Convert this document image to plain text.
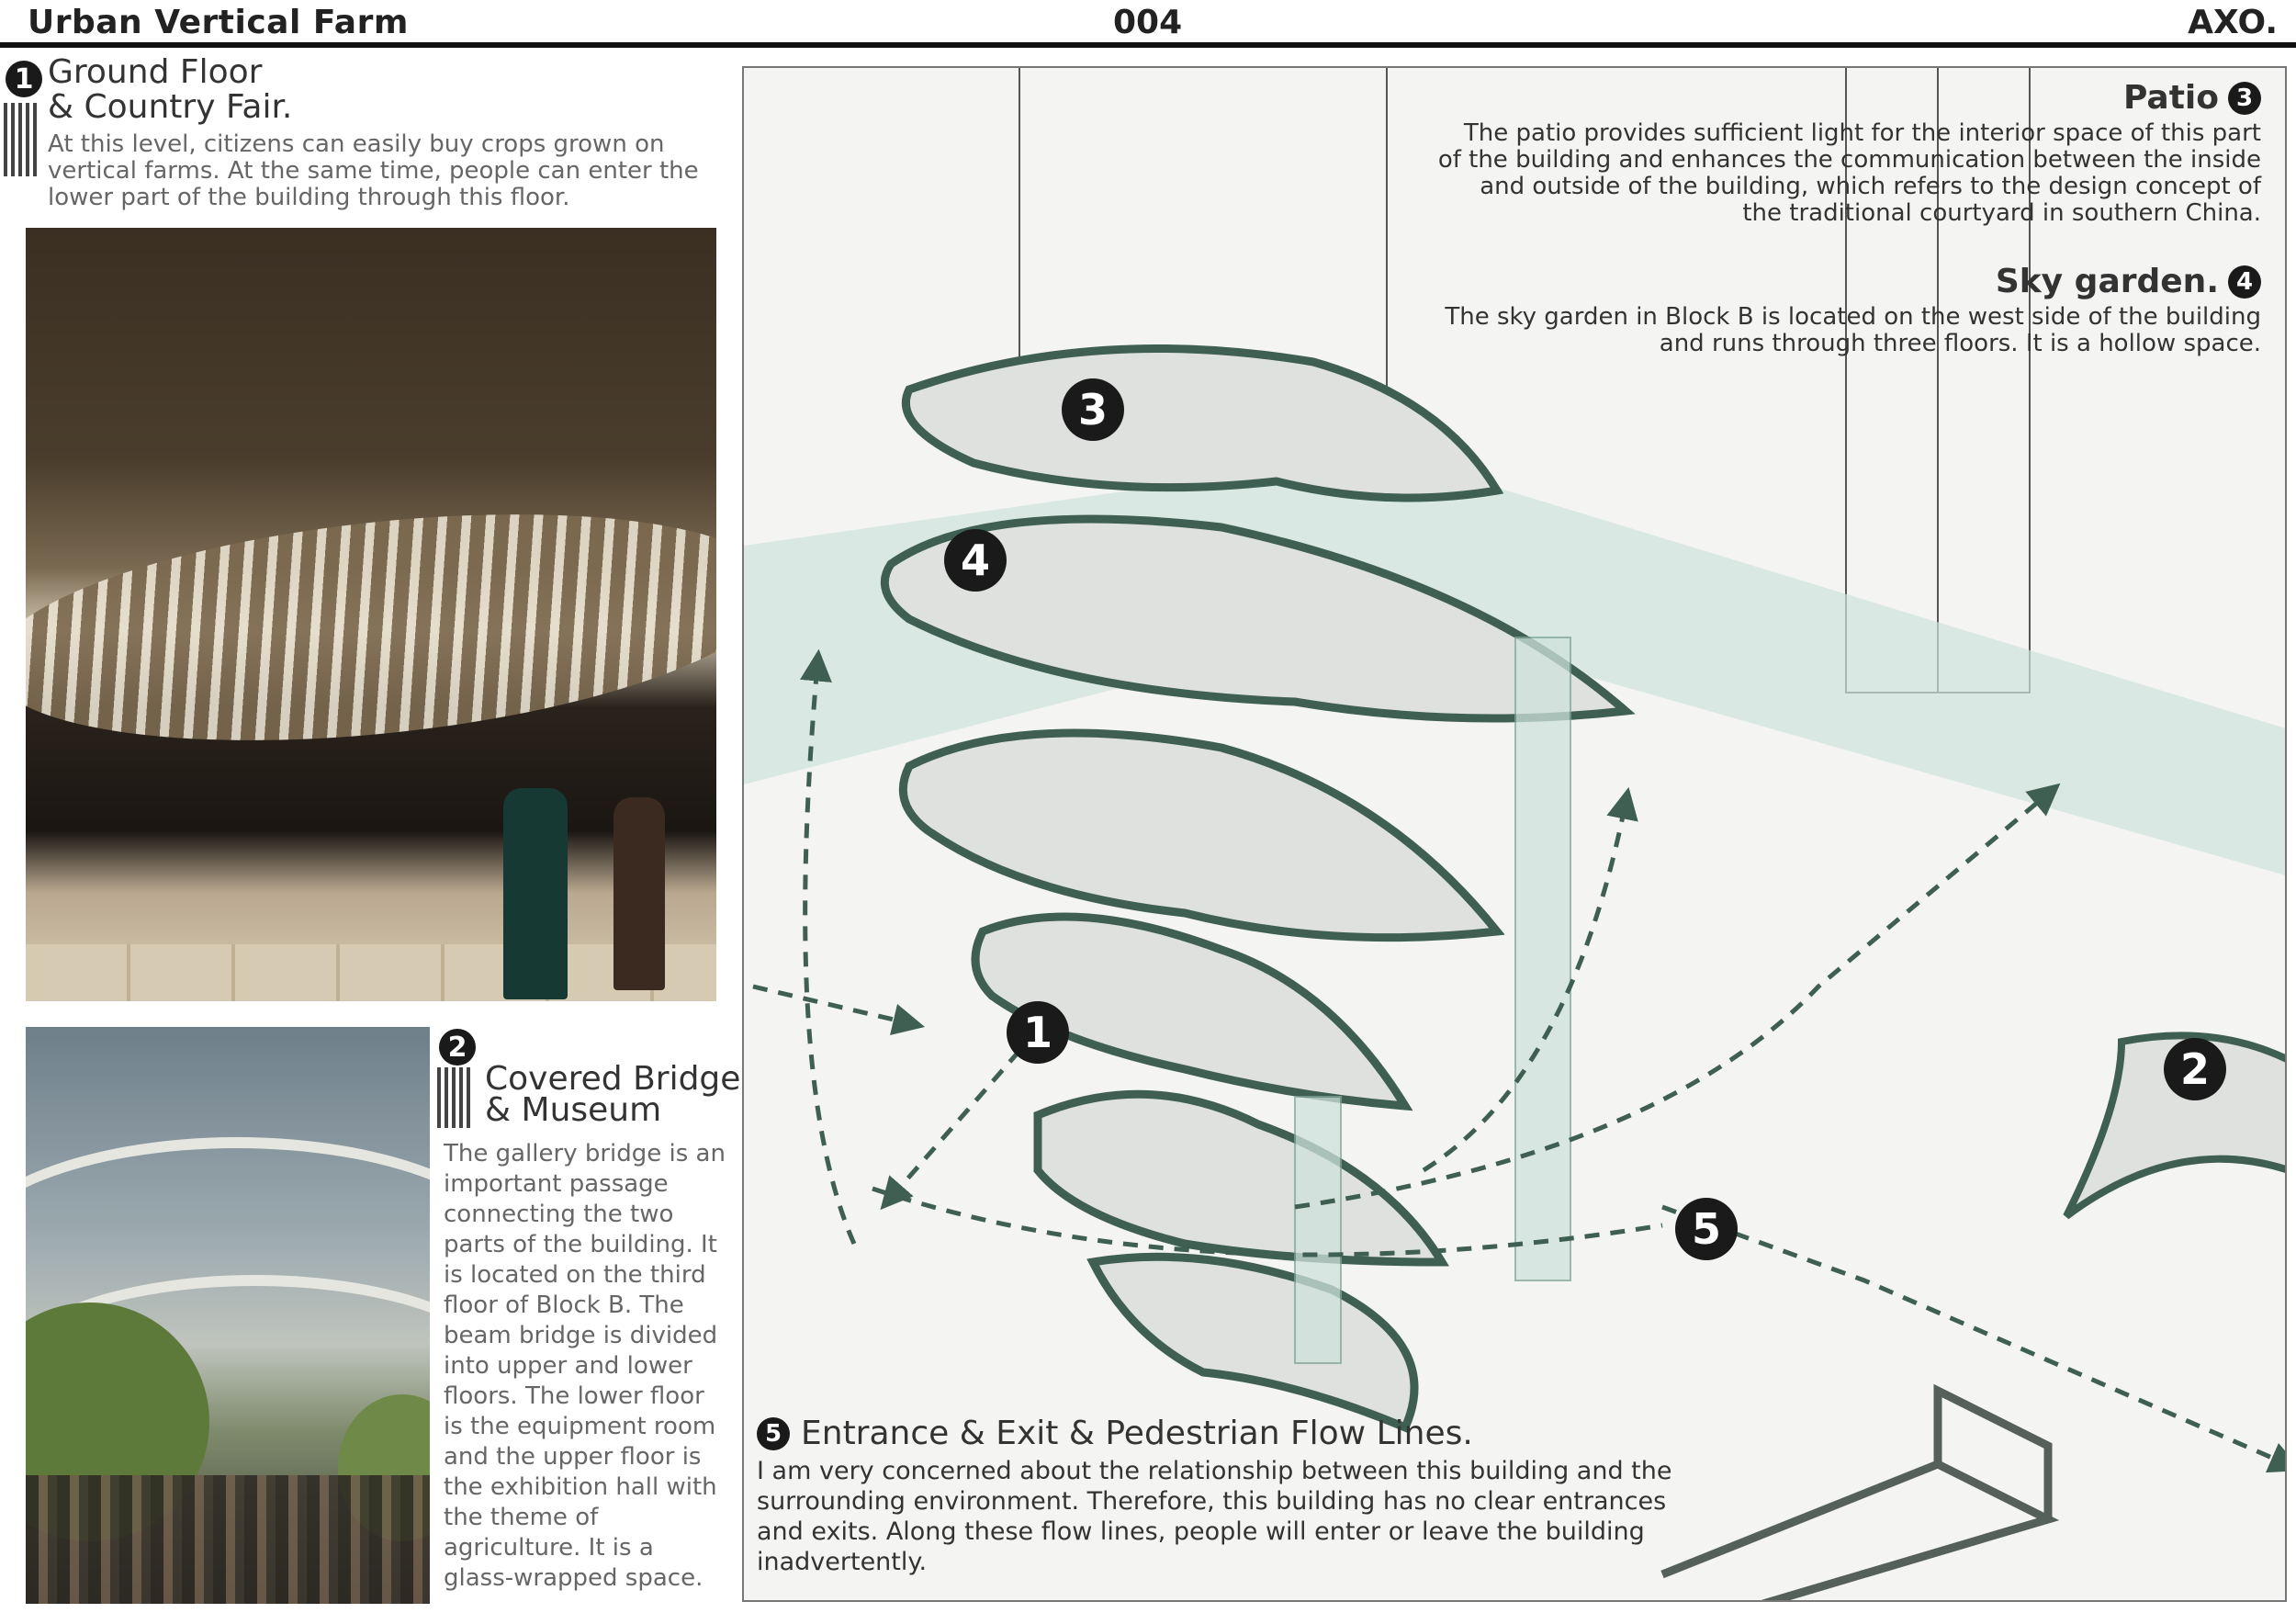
Urban Vertical Farm	004	AXO.
1 Ground Floor
& Country Fair.
At this level, citizens can easily buy crops grown on vertical farms. At the same time, people can enter the lower part of the building through this floor.
2
Covered Bridge
& Museum
The gallery bridge is an important passage connecting the two parts of the building. It is located on the third floor of Block B. The beam bridge is divided into upper and lower floors. The lower floor is the equipment room and the upper floor is the exhibition hall with the theme of agriculture. It is a glass-wrapped space.
1
2
3
4
5
Patio 3
The patio provides sufficient light for the interior space of this part of the building and enhances the communication between the inside and outside of the building, which refers to the design concept of the traditional courtyard in southern China.
Sky garden. 4
The sky garden in Block B is located on the west side of the building and runs through three floors. It is a hollow space.
5 Entrance & Exit & Pedestrian Flow Lines.
I am very concerned about the relationship between this building and the surrounding environment. Therefore, this building has no clear entrances and exits. Along these flow lines, people will enter or leave the building inadvertently.
